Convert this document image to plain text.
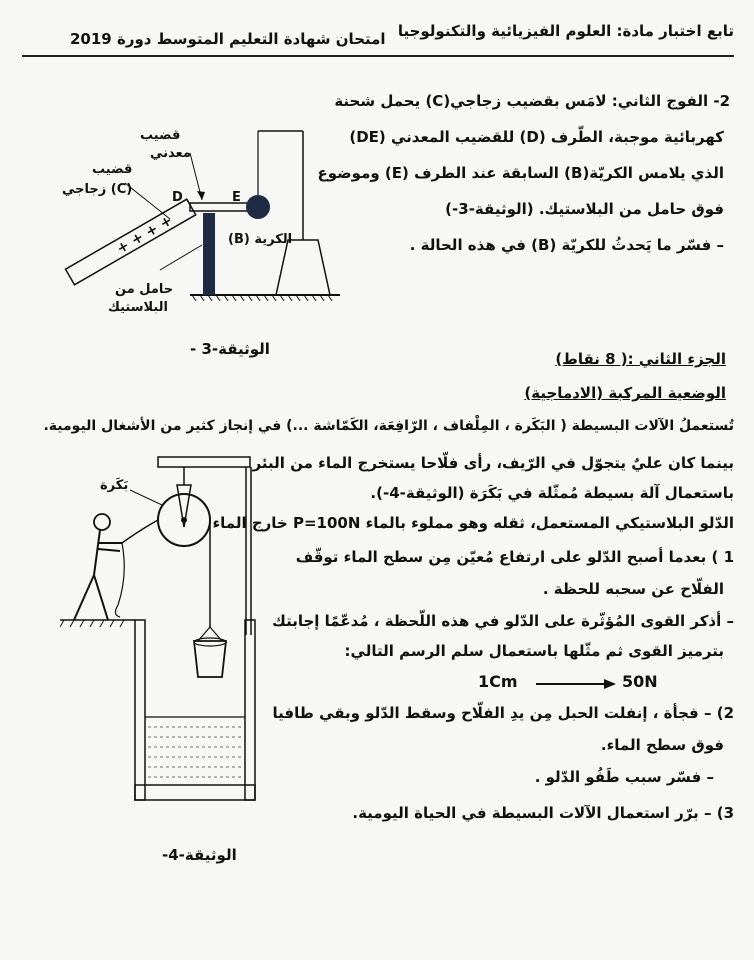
تابع اختبار مادة: العلوم الفيزيائية والتكنولوجيا
امتحان شهادة التعليم المتوسط دورة 2019
2- الفوج الثاني: لامَس بقضيب زجاجي(C) يحمل شحنة
كهربائية موجبة، الطّرف (D) للقضيب المعدني (DE)
الذي يلامس الكريّة(B) السابقة عند الطرف (E) وموضوع
فوق حامل من البلاستيك. (الوثيقة-3-)
– فسّر ما يَحدثُ للكريّة (B) في هذه الحالة .
+ + + +
قضيب
معدني
قضيب
(C) زجاجي
D	E
الكرية (B)
حامل من
البلاستيك
الوثيقة-3 -
الجزء الثاني :( 8 نقاط)
الوضعية المركبة (الادماجية)
تُستعملُ الآلات البسيطة ( البَكَرة ، المِلْفاف ، الرّافِعَة، الكَمّاشة ...) في إنجاز كثير من الأشغال اليومية.
بينما كان عليٌ يتجوّل في الرّيف، رأى فلّاحا يستخرج الماء من البئر
باستعمال آلة بسيطة مُمثّلة في بَكَرَة (الوثيقة-4-).
الدّلو البلاستيكي المستعمل، ثقله وهو مملوء بالماء P=100N خارج الماء
1 ) بعدما أصبح الدّلو على ارتفاع مُعيّن مِن سطح الماء توقّف
الفلّاح عن سحبه للحظة .
– أذكر القوى المُؤثّرة على الدّلو في هذه اللّحظة ، مُدعّمًا إجابتك
بترميز القوى ثم مثّلها باستعمال سلم الرسم التالي:
1Cm	50N
2) – فجأة ، إنفلت الحبل مِن يدِ الفلّاح وسقط الدّلو وبقي طافيا
فوق سطح الماء.
– فسّر سبب طَفُو الدّلو .
3) – برّر استعمال الآلات البسيطة في الحياة اليومية.
بَكَرة
الوثيقة-4-
